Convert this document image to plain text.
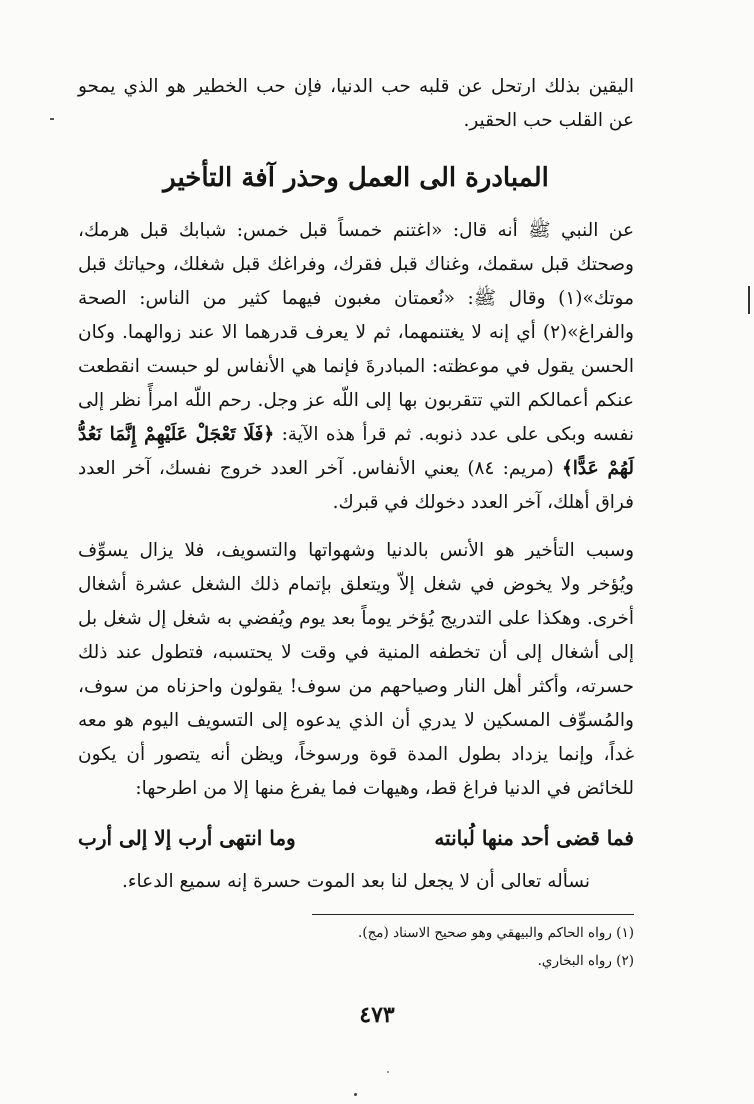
اليقين بذلك ارتحل عن قلبه حب الدنيا، فإن حب الخطير هو الذي يمحو عن القلب حب الحقير.

المبادرة الى العمل وحذر آفة التأخير

عن النبي ﷺ أنه قال: «اغتنم خمساً قبل خمس: شبابك قبل هرمك، وصحتك قبل سقمك، وغناك قبل فقرك، وفراغك قبل شغلك، وحياتك قبل موتك»(١) وقال ﷺ: «نُعمتان مغبون فيهما كثير من الناس: الصحة والفراغ»(٢) أي إنه لا يغتنمهما، ثم لا يعرف قدرهما الا عند زوالهما. وكان الحسن يقول في موعظته: المبادرةَ فإنما هي الأنفاس لو حبست انقطعت عنكم أعمالكم التي تتقربون بها إلى اللّه عز وجل. رحم اللّه امرأً نظر إلى نفسه وبكى على عدد ذنوبه. ثم قرأ هذه الآية: ﴿فَلَا تَعْجَلْ عَلَيْهِمْ إِنَّمَا نَعُدُّ لَهُمْ عَدًّا﴾ (مريم: ٨٤) يعني الأنفاس. آخر العدد خروج نفسك، آخر العدد فراق أهلك، آخر العدد دخولك في قبرك.

وسبب التأخير هو الأنس بالدنيا وشهواتها والتسويف، فلا يزال يسوِّف ويُؤخر ولا يخوض في شغل إلاّ ويتعلق بإتمام ذلك الشغل عشرة أشغال أخرى. وهكذا على التدريج يُؤخر يوماً بعد يوم ويُفضي به شغل إل شغل بل إلى أشغال إلى أن تخطفه المنية في وقت لا يحتسبه، فتطول عند ذلك حسرته، وأكثر أهل النار وصياحهم من سوف! يقولون واحزناه من سوف، والمُسوِّف المسكين لا يدري أن الذي يدعوه إلى التسويف اليوم هو معه غداً، وإنما يزداد بطول المدة قوة ورسوخاً، ويظن أنه يتصور أن يكون للخائض في الدنيا فراغ قط، وهيهات فما يفرغ منها إلا من اطرحها:

فما قضى أحد منها لُبانته
وما انتهى أرب إلا إلى أرب
نسأله تعالى أن لا يجعل لنا بعد الموت حسرة إنه سميع الدعاء.
(١) رواه الحاكم والبيهقي وهو صحيح الاسناد (مج).
(٢) رواه البخاري.
٤٧٣
